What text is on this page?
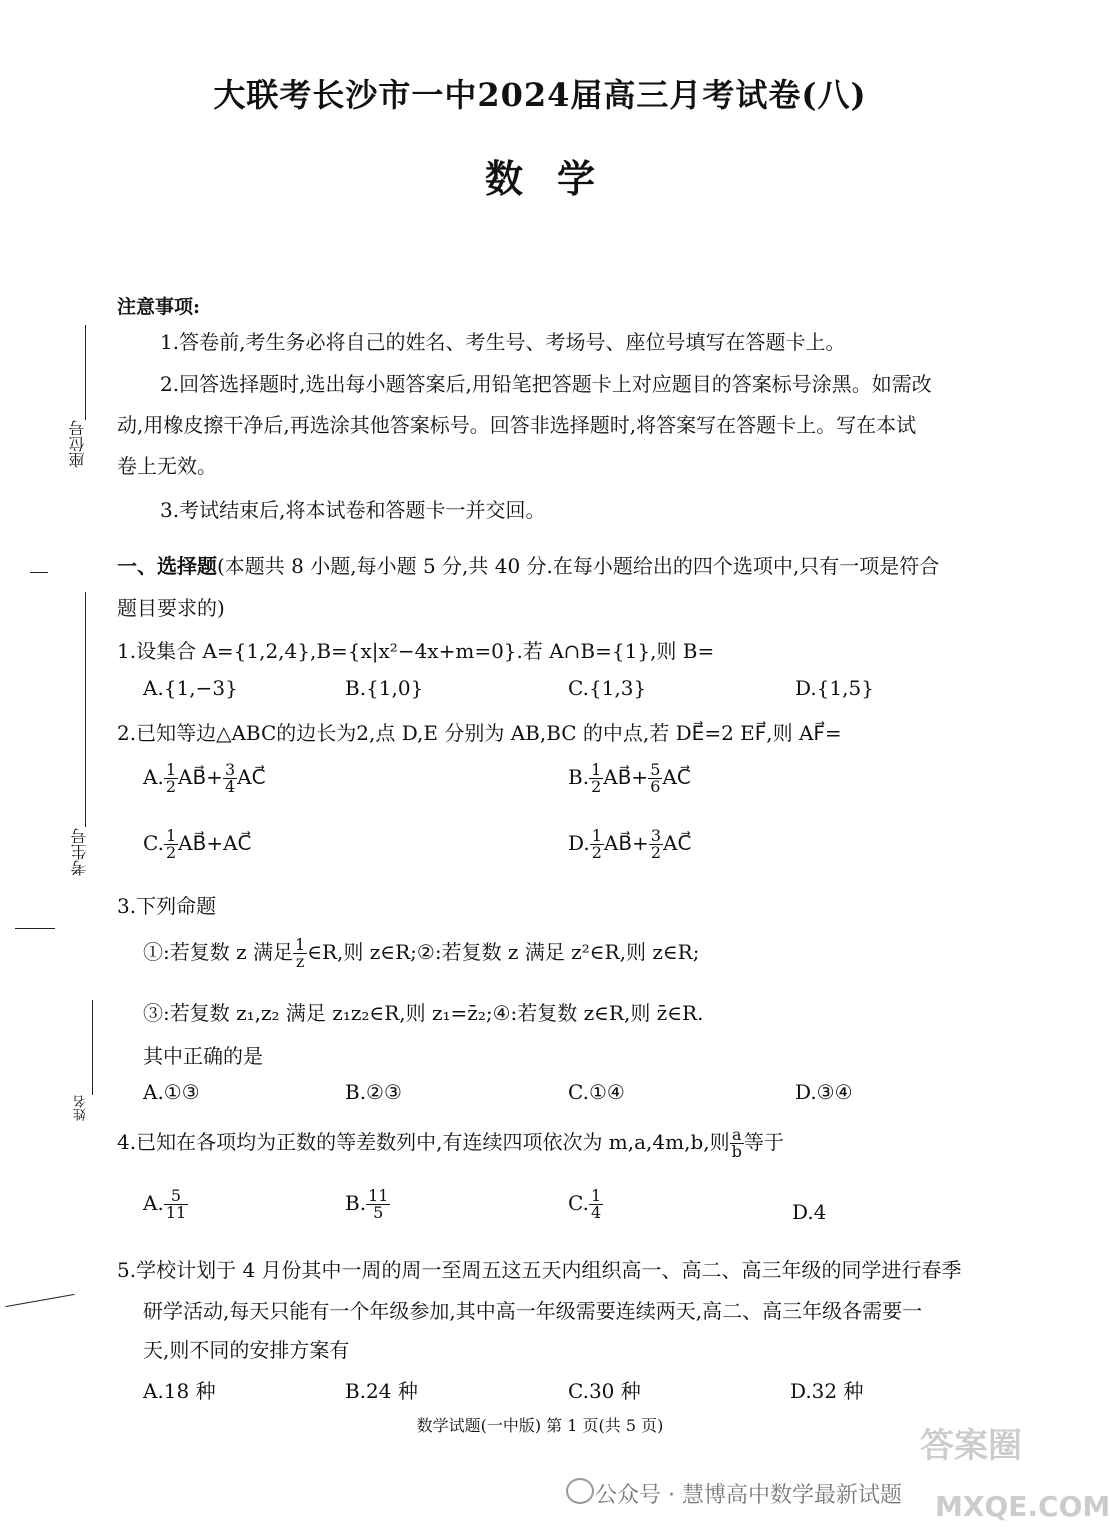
大联考长沙市一中2024届高三月考试卷(八)
数学
座位号
考生号
姓名
注意事项:
1.答卷前,考生务必将自己的姓名、考生号、考场号、座位号填写在答题卡上。
2.回答选择题时,选出每小题答案后,用铅笔把答题卡上对应题目的答案标号涂黑。如需改
动,用橡皮擦干净后,再选涂其他答案标号。回答非选择题时,将答案写在答题卡上。写在本试
卷上无效。
3.考试结束后,将本试卷和答题卡一并交回。
一、选择题(本题共 8 小题,每小题 5 分,共 40 分.在每小题给出的四个选项中,只有一项是符合
题目要求的)
1.设集合 A={1,2,4},B={x|x²−4x+m=0}.若 A∩B={1},则 B=
A.{1,−3}	B.{1,0}	C.{1,3}	D.{1,5}
2.已知等边△ABC的边长为2,点 D,E 分别为 AB,BC 的中点,若 DE⃗=2 EF⃗,则 AF⃗=
A. $\frac{1}{2}$ AB⃗+ $\frac{3}{4}$ AC⃗	B. $\frac{1}{2}$ AB⃗+ $\frac{5}{6}$ AC⃗
C. $\frac{1}{2}$ AB⃗+AC⃗	D. $\frac{1}{2}$ AB⃗+ $\frac{3}{2}$ AC⃗
3.下列命题
①:若复数 z 满足 $\frac{1}{z}$ ∈R,则 z∈R;②:若复数 z 满足 z²∈R,则 z∈R;
③:若复数 z₁,z₂ 满足 z₁z₂∈R,则 z₁=z̄₂;④:若复数 z∈R,则 z̄∈R.
其中正确的是
A.①③	B.②③	C.①④	D.③④
4.已知在各项均为正数的等差数列中,有连续四项依次为 m,a,4m,b,则 $\frac{a}{b}$ 等于
A. $\frac{5}{11}$	B. $\frac{11}{5}$	C. $\frac{1}{4}$	D.4
5.学校计划于 4 月份其中一周的周一至周五这五天内组织高一、高二、高三年级的同学进行春季
研学活动,每天只能有一个年级参加,其中高一年级需要连续两天,高二、高三年级各需要一
天,则不同的安排方案有
A.18 种	B.24 种	C.30 种	D.32 种
数学试题(一中版) 第 1 页(共 5 页)
答案圈
公众号 · 慧博高中数学最新试题 MXQE.COM
